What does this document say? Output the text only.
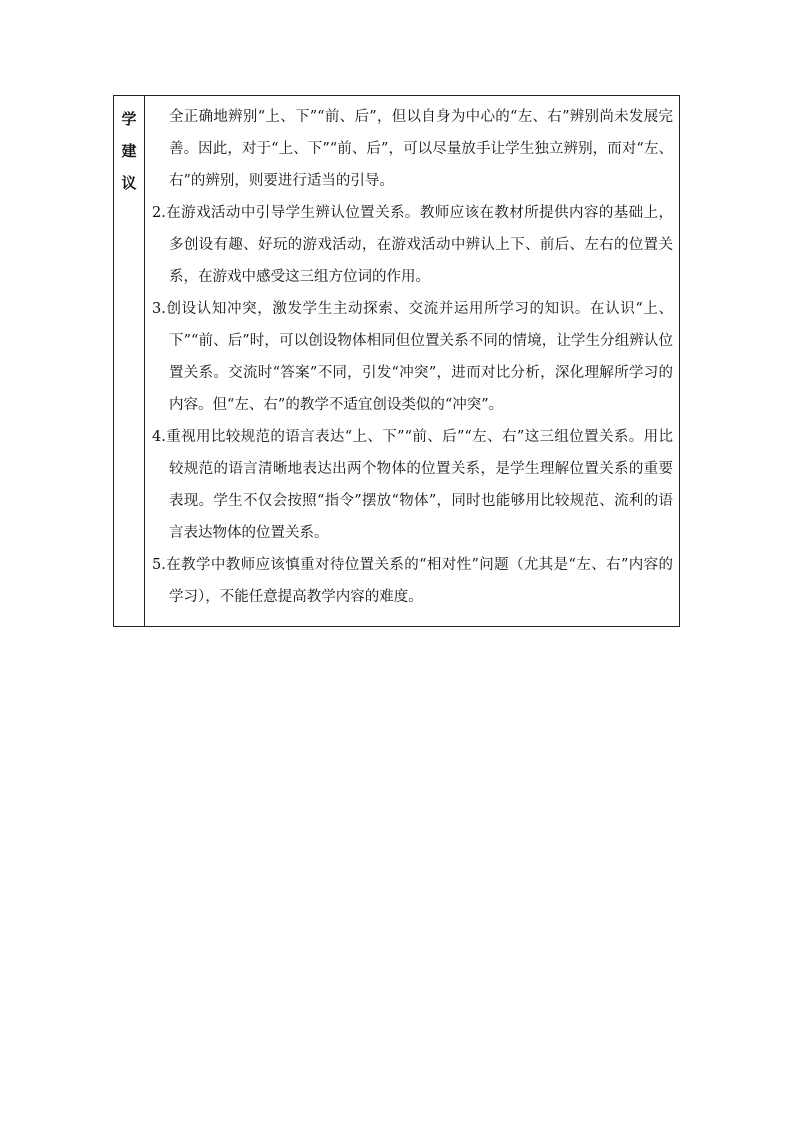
学
建
议

全正确地辨别“上、下”“前、后”，但以自身为中心的“左、右”辨别尚未发展完善。因此，对于“上、下”“前、后”，可以尽量放手让学生独立辨别，而对“左、右”的辨别，则要进行适当的引导。

2.在游戏活动中引导学生辨认位置关系。教师应该在教材所提供内容的基础上，多创设有趣、好玩的游戏活动，在游戏活动中辨认上下、前后、左右的位置关系，在游戏中感受这三组方位词的作用。

3.创设认知冲突，激发学生主动探索、交流并运用所学习的知识。在认识“上、下”“前、后”时，可以创设物体相同但位置关系不同的情境，让学生分组辨认位置关系。交流时“答案”不同，引发“冲突”，进而对比分析，深化理解所学习的内容。但“左、右”的教学不适宜创设类似的“冲突”。

4.重视用比较规范的语言表达“上、下”“前、后”“左、右”这三组位置关系。用比较规范的语言清晰地表达出两个物体的位置关系，是学生理解位置关系的重要表现。学生不仅会按照“指令”摆放“物体”，同时也能够用比较规范、流利的语言表达物体的位置关系。

5.在教学中教师应该慎重对待位置关系的“相对性”问题（尤其是“左、右”内容的学习），不能任意提高教学内容的难度。
